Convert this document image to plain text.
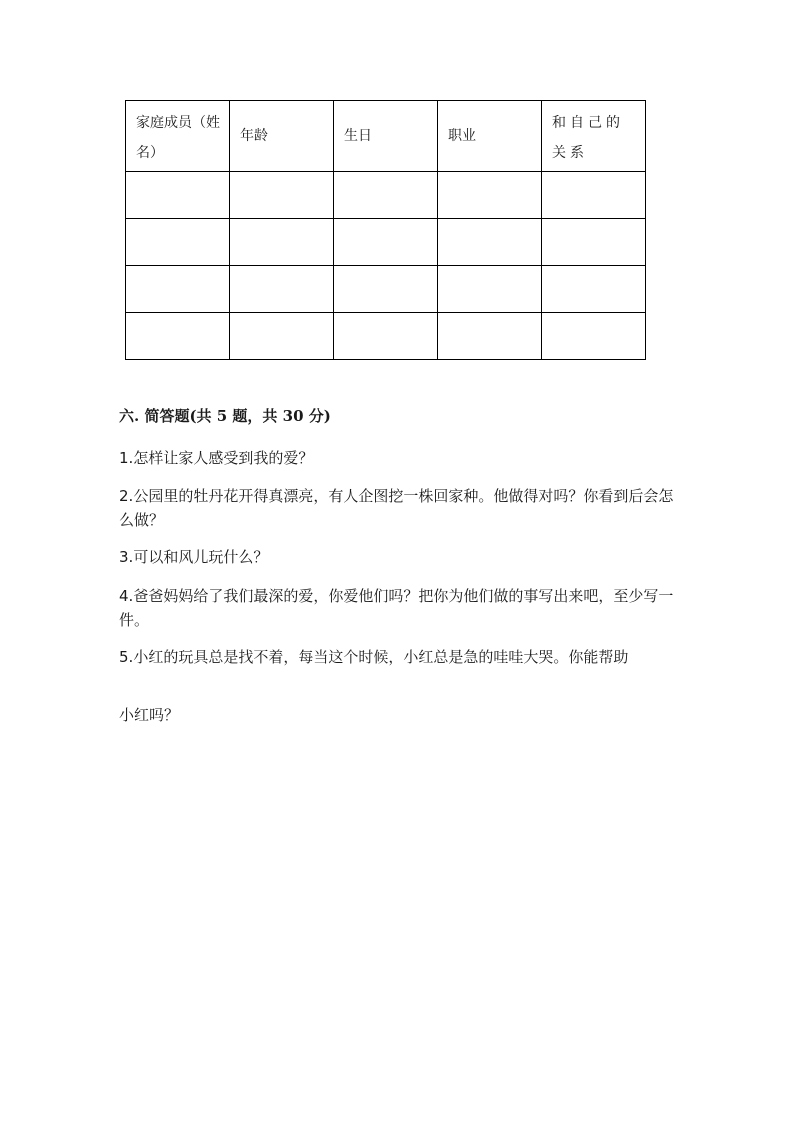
家庭成员（姓名）	年龄	生日	职业	和自己的关系

六. 简答题(共 5 题，共 30 分)
1.怎样让家人感受到我的爱？
2.公园里的牡丹花开得真漂亮，有人企图挖一株回家种。他做得对吗？你看到后会怎么做？
3.可以和风儿玩什么？
4.爸爸妈妈给了我们最深的爱，你爱他们吗？把你为他们做的事写出来吧，至少写一件。
5.小红的玩具总是找不着，每当这个时候，小红总是急的哇哇大哭。你能帮助
小红吗？
